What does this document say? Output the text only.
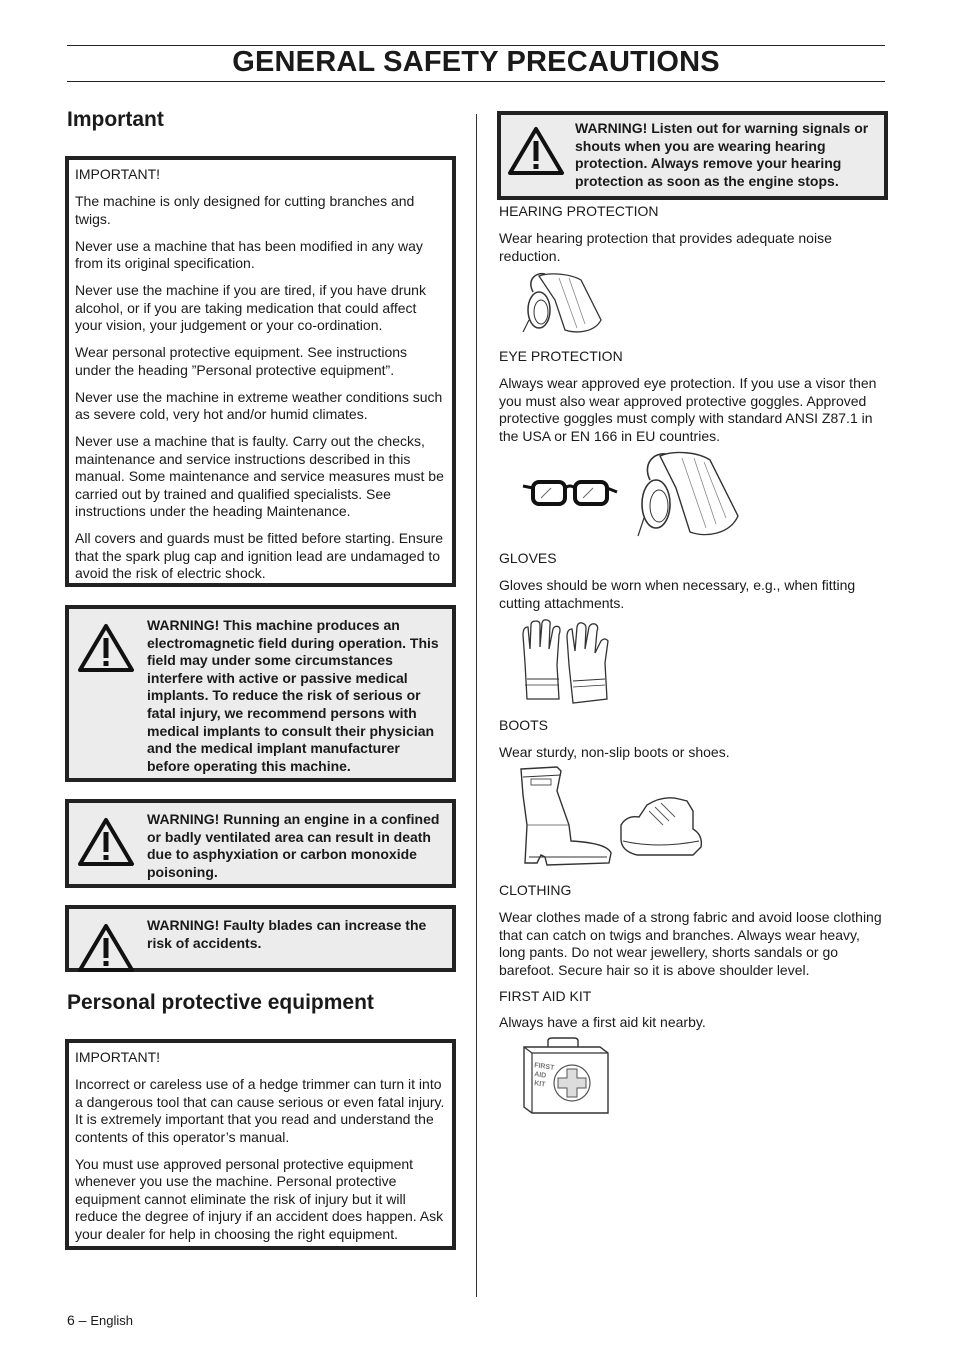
GENERAL SAFETY PRECAUTIONS
Important

IMPORTANT!

The machine is only designed for cutting branches and twigs.

Never use a machine that has been modified in any way from its original specification.

Never use the machine if you are tired, if you have drunk alcohol, or if you are taking medication that could affect your vision, your judgement or your co-ordination.

Wear personal protective equipment. See instructions under the heading ”Personal protective equipment”.

Never use the machine in extreme weather conditions such as severe cold, very hot and/or humid climates.

Never use a machine that is faulty. Carry out the checks, maintenance and service instructions described in this manual. Some maintenance and service measures must be carried out by trained and qualified specialists. See instructions under the heading Maintenance.

All covers and guards must be fitted before starting. Ensure that the spark plug cap and ignition lead are undamaged to avoid the risk of electric shock.

WARNING! This machine produces an electromagnetic field during operation. This field may under some circumstances interfere with active or passive medical implants. To reduce the risk of serious or fatal injury, we recommend persons with medical implants to consult their physician and the medical implant manufacturer before operating this machine.
WARNING! Running an engine in a confined or badly ventilated area can result in death due to asphyxiation or carbon monoxide poisoning.
WARNING! Faulty blades can increase the risk of accidents.
Personal protective equipment

IMPORTANT!

Incorrect or careless use of a hedge trimmer can turn it into a dangerous tool that can cause serious or even fatal injury. It is extremely important that you read and understand the contents of this operator’s manual.

You must use approved personal protective equipment whenever you use the machine. Personal protective equipment cannot eliminate the risk of injury but it will reduce the degree of injury if an accident does happen. Ask your dealer for help in choosing the right equipment.

WARNING! Listen out for warning signals or shouts when you are wearing hearing protection. Always remove your hearing protection as soon as the engine stops.
HEARING PROTECTION
Wear hearing protection that provides adequate noise reduction.
EYE PROTECTION
Always wear approved eye protection. If you use a visor then you must also wear approved protective goggles. Approved protective goggles must comply with standard ANSI Z87.1 in the USA or EN 166 in EU countries.
GLOVES
Gloves should be worn when necessary, e.g., when fitting cutting attachments.
BOOTS
Wear sturdy, non-slip boots or shoes.
CLOTHING
Wear clothes made of a strong fabric and avoid loose clothing that can catch on twigs and branches. Always wear heavy, long pants. Do not wear jewellery, shorts sandals or go barefoot. Secure hair so it is above shoulder level.
FIRST AID KIT
Always have a first aid kit nearby.
FIRST
AID
KIT
6 – English
